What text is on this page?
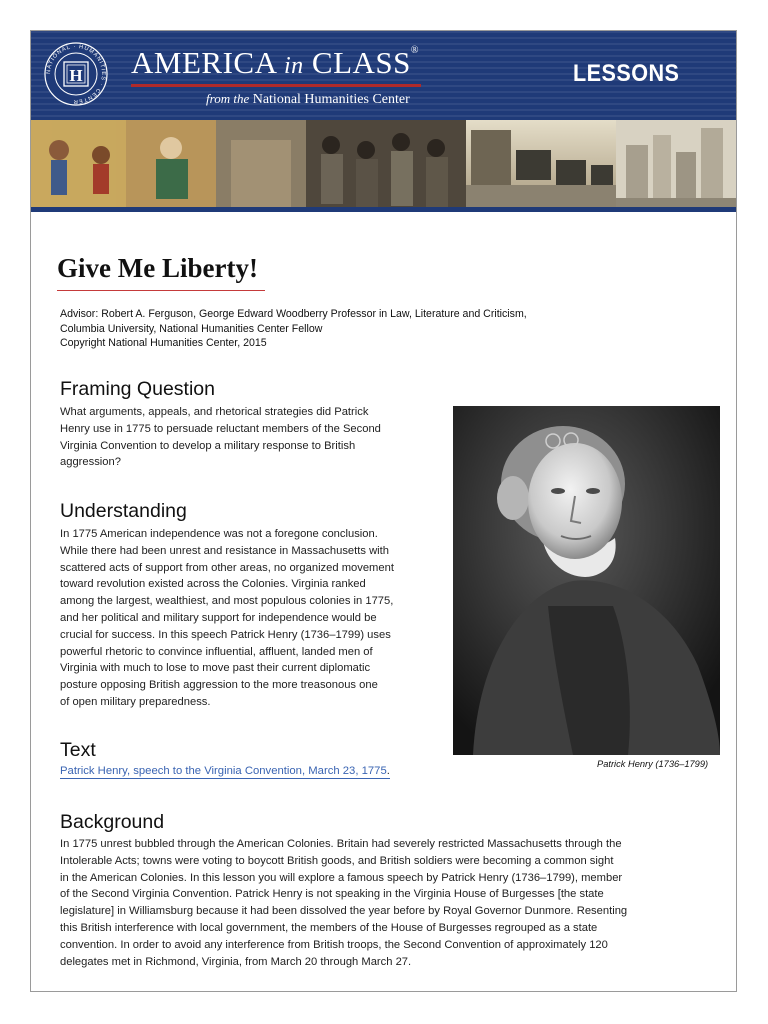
NATIONAL · HUMANITIES · CENTER
H AMERICA in CLASS®
from the National Humanities Center
LESSONS
Give Me Liberty!
Advisor: Robert A. Ferguson, George Edward Woodberry Professor in Law, Literature and Criticism,
Columbia University, National Humanities Center Fellow
Copyright National Humanities Center, 2015
Framing Question
What arguments, appeals, and rhetorical strategies did Patrick
Henry use in 1775 to persuade reluctant members of the Second
Virginia Convention to develop a military response to British
aggression?
Understanding
In 1775 American independence was not a foregone conclusion.
While there had been unrest and resistance in Massachusetts with
scattered acts of support from other areas, no organized movement
toward revolution existed across the Colonies. Virginia ranked
among the largest, wealthiest, and most populous colonies in 1775,
and her political and military support for independence would be
crucial for success. In this speech Patrick Henry (1736–1799) uses
powerful rhetoric to convince influential, affluent, landed men of
Virginia with much to lose to move past their current diplomatic
posture opposing British aggression to the more treasonous one
of open military preparedness.
Text
Patrick Henry, speech to the Virginia Convention, March 23, 1775.
Patrick Henry (1736–1799)
Background
In 1775 unrest bubbled through the American Colonies. Britain had severely restricted Massachusetts through the
Intolerable Acts; towns were voting to boycott British goods, and British soldiers were becoming a common sight
in the American Colonies. In this lesson you will explore a famous speech by Patrick Henry (1736–1799), member
of the Second Virginia Convention. Patrick Henry is not speaking in the Virginia House of Burgesses [the state
legislature] in Williamsburg because it had been dissolved the year before by Royal Governor Dunmore. Resenting
this British interference with local government, the members of the House of Burgesses regrouped as a state
convention. In order to avoid any interference from British troops, the Second Convention of approximately 120
delegates met in Richmond, Virginia, from March 20 through March 27.
